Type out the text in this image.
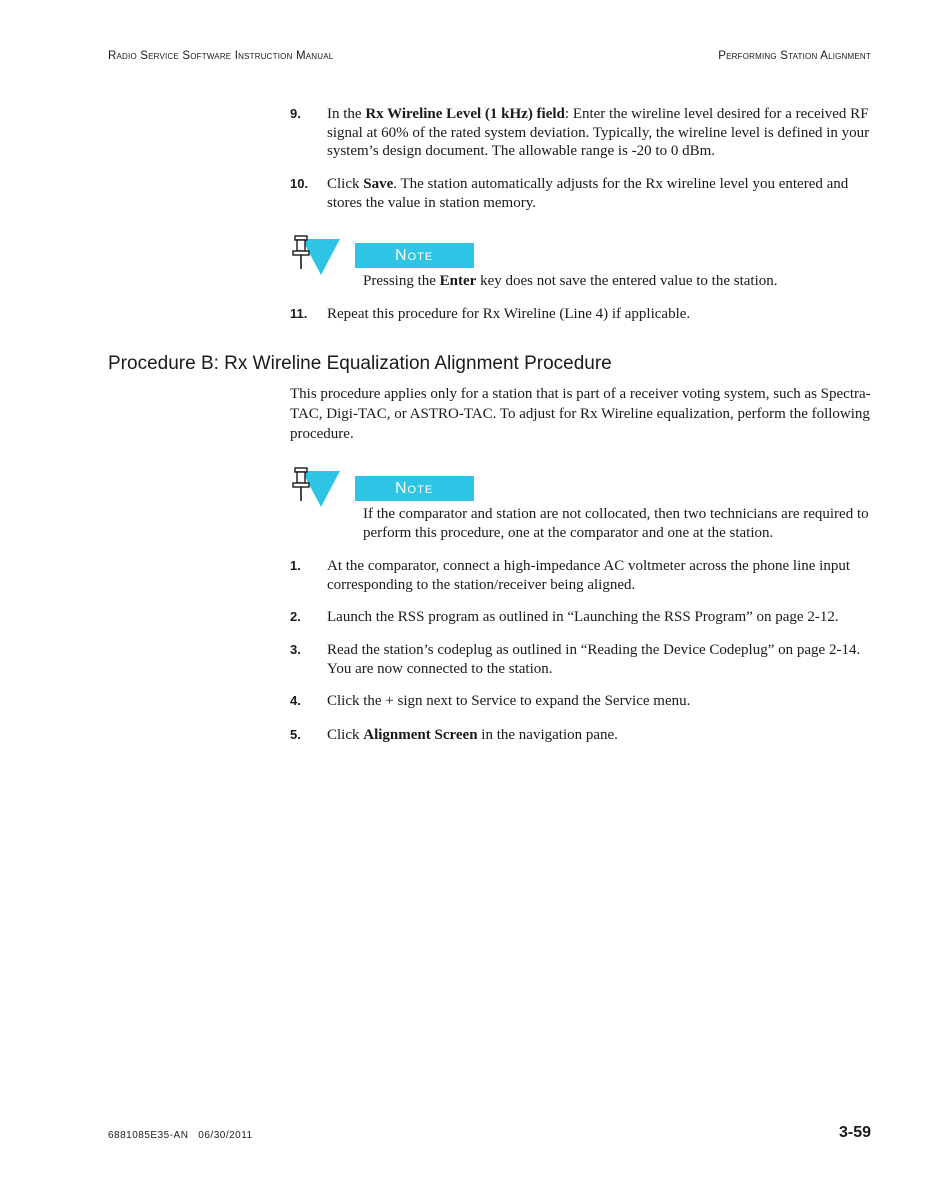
Radio Service Software Instruction Manual	Performing Station Alignment
9. In the Rx Wireline Level (1 kHz) field: Enter the wireline level desired for a received RF signal at 60% of the rated system deviation. Typically, the wireline level is defined in your system’s design document. The allowable range is -20 to 0 dBm.
10. Click Save. The station automatically adjusts for the Rx wireline level you entered and stores the value in station memory.
Note
Pressing the Enter key does not save the entered value to the station.
11. Repeat this procedure for Rx Wireline (Line 4) if applicable.
Procedure B: Rx Wireline Equalization Alignment Procedure
This procedure applies only for a station that is part of a receiver voting system, such as Spectra-TAC, Digi-TAC, or ASTRO-TAC. To adjust for Rx Wireline equalization, perform the following procedure.
Note
If the comparator and station are not collocated, then two technicians are required to perform this procedure, one at the comparator and one at the station.
1. At the comparator, connect a high-impedance AC voltmeter across the phone line input corresponding to the station/receiver being aligned.
2. Launch the RSS program as outlined in “Launching the RSS Program” on page 2-12.
3. Read the station’s codeplug as outlined in “Reading the Device Codeplug” on page 2-14. You are now connected to the station.
4. Click the + sign next to Service to expand the Service menu.
5. Click Alignment Screen in the navigation pane.
6881085E35-AN 06/30/2011	3-59
